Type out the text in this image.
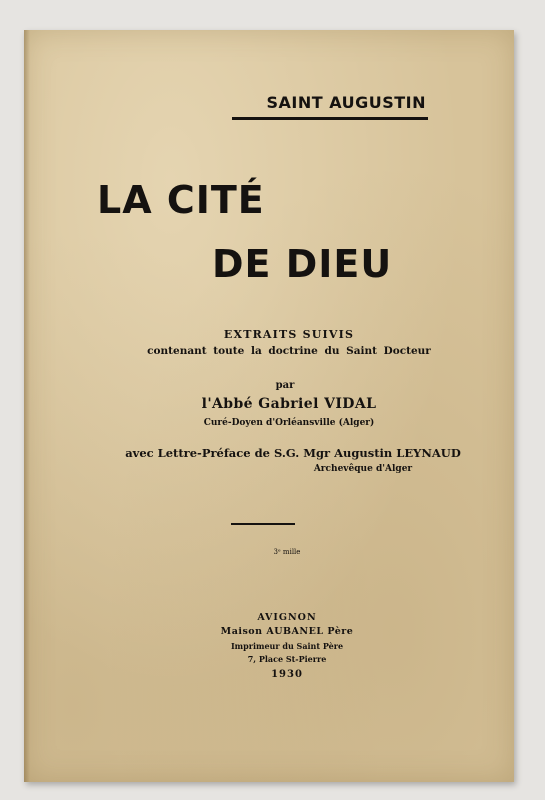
SAINT AUGUSTIN
LA CITÉ
DE DIEU
EXTRAITS SUIVIS
contenant toute la doctrine du Saint Docteur
par
l'Abbé Gabriel VIDAL
Curé-Doyen d'Orléansville (Alger)
avec Lettre-Préface de S.G. Mgr Augustin LEYNAUD
Archevêque d'Alger
3ᵉ mille
AVIGNON
Maison AUBANEL Père
Imprimeur du Saint Père
7, Place St-Pierre
1930
